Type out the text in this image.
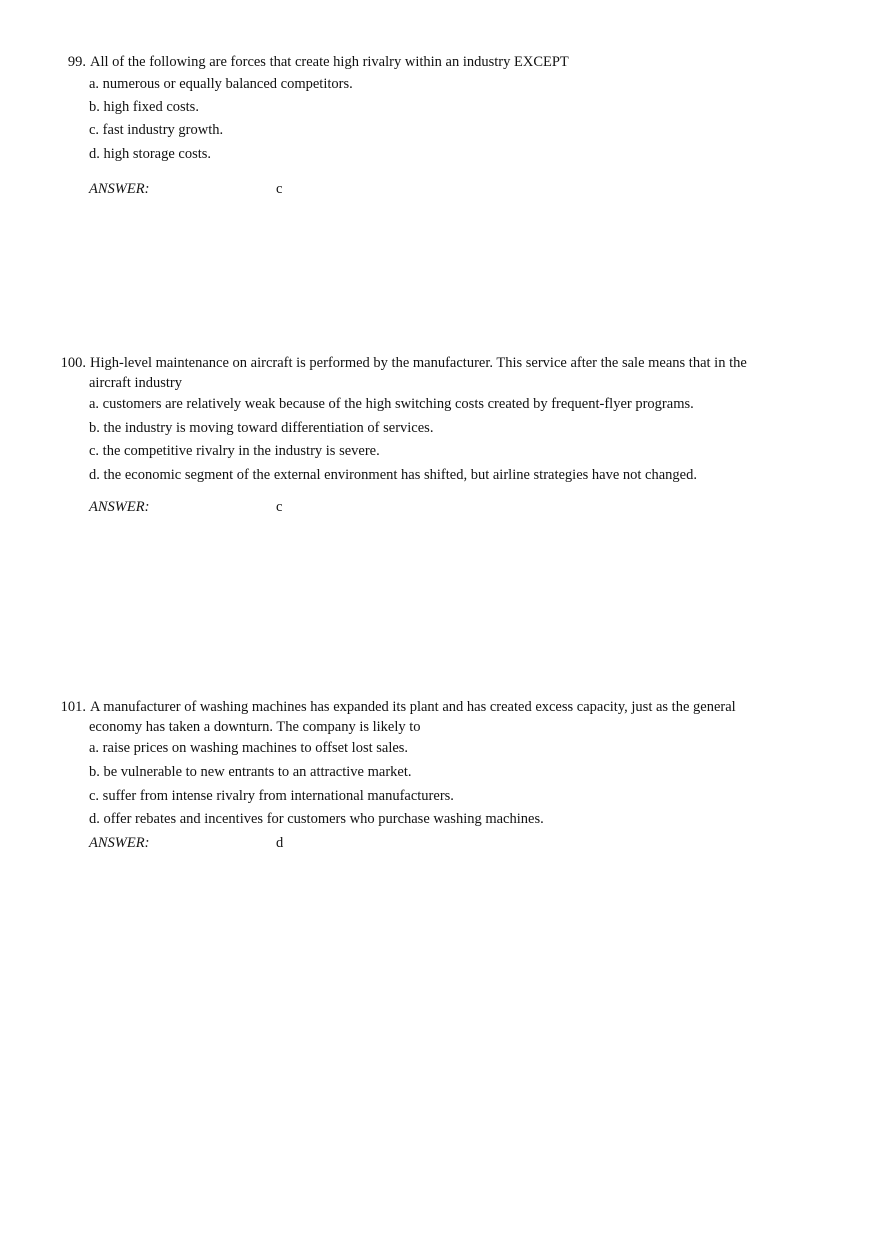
99. All of the following are forces that create high rivalry within an industry EXCEPT
a. numerous or equally balanced competitors.
b. high fixed costs.
c. fast industry growth.
d. high storage costs.
ANSWER:	c
100. High-level maintenance on aircraft is performed by the manufacturer. This service after the sale means that in the
aircraft industry
a. customers are relatively weak because of the high switching costs created by frequent-flyer programs.
b. the industry is moving toward differentiation of services.
c. the competitive rivalry in the industry is severe.
d. the economic segment of the external environment has shifted, but airline strategies have not changed.
ANSWER:	c
101. A manufacturer of washing machines has expanded its plant and has created excess capacity, just as the general
economy has taken a downturn. The company is likely to
a. raise prices on washing machines to offset lost sales.
b. be vulnerable to new entrants to an attractive market.
c. suffer from intense rivalry from international manufacturers.
d. offer rebates and incentives for customers who purchase washing machines.
ANSWER:	d
